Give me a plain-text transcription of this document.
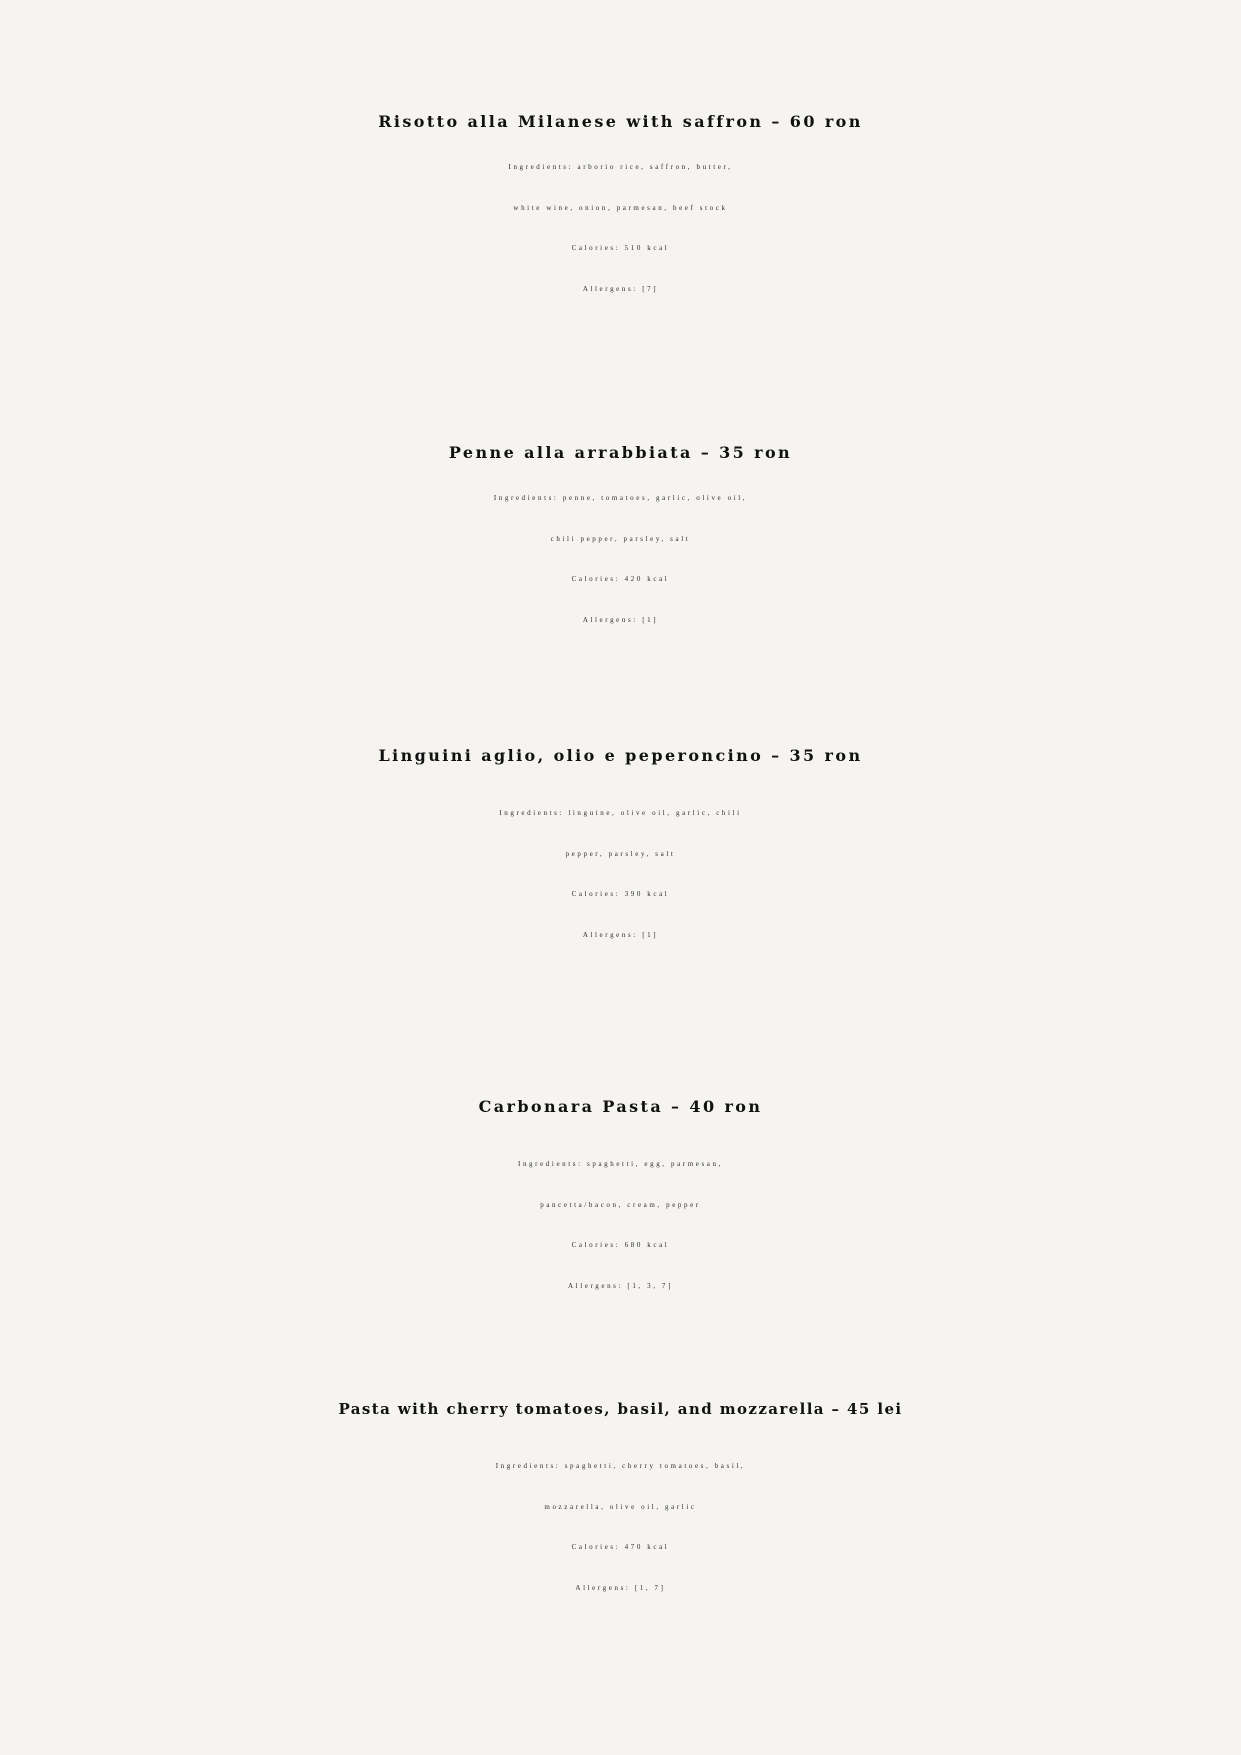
Risotto alla Milanese with saffron – 60 ron
Ingredients: arborio rice, saffron, butter,
white wine, onion, parmesan, beef stock
Calories: 510 kcal
Allergens: [7]
Penne alla arrabbiata – 35 ron
Ingredients: penne, tomatoes, garlic, olive oil,
chili pepper, parsley, salt
Calories: 420 kcal
Allergens: [1]
Linguini aglio, olio e peperoncino – 35 ron
Ingredients: linguine, olive oil, garlic, chili
pepper, parsley, salt
Calories: 390 kcal
Allergens: [1]
Carbonara Pasta – 40 ron
Ingredients: spaghetti, egg, parmesan,
pancetta/bacon, cream, pepper
Calories: 680 kcal
Allergens: [1, 3, 7]
Pasta with cherry tomatoes, basil, and mozzarella – 45 lei
Ingredients: spaghetti, cherry tomatoes, basil,
mozzarella, olive oil, garlic
Calories: 470 kcal
Allergens: [1, 7]
